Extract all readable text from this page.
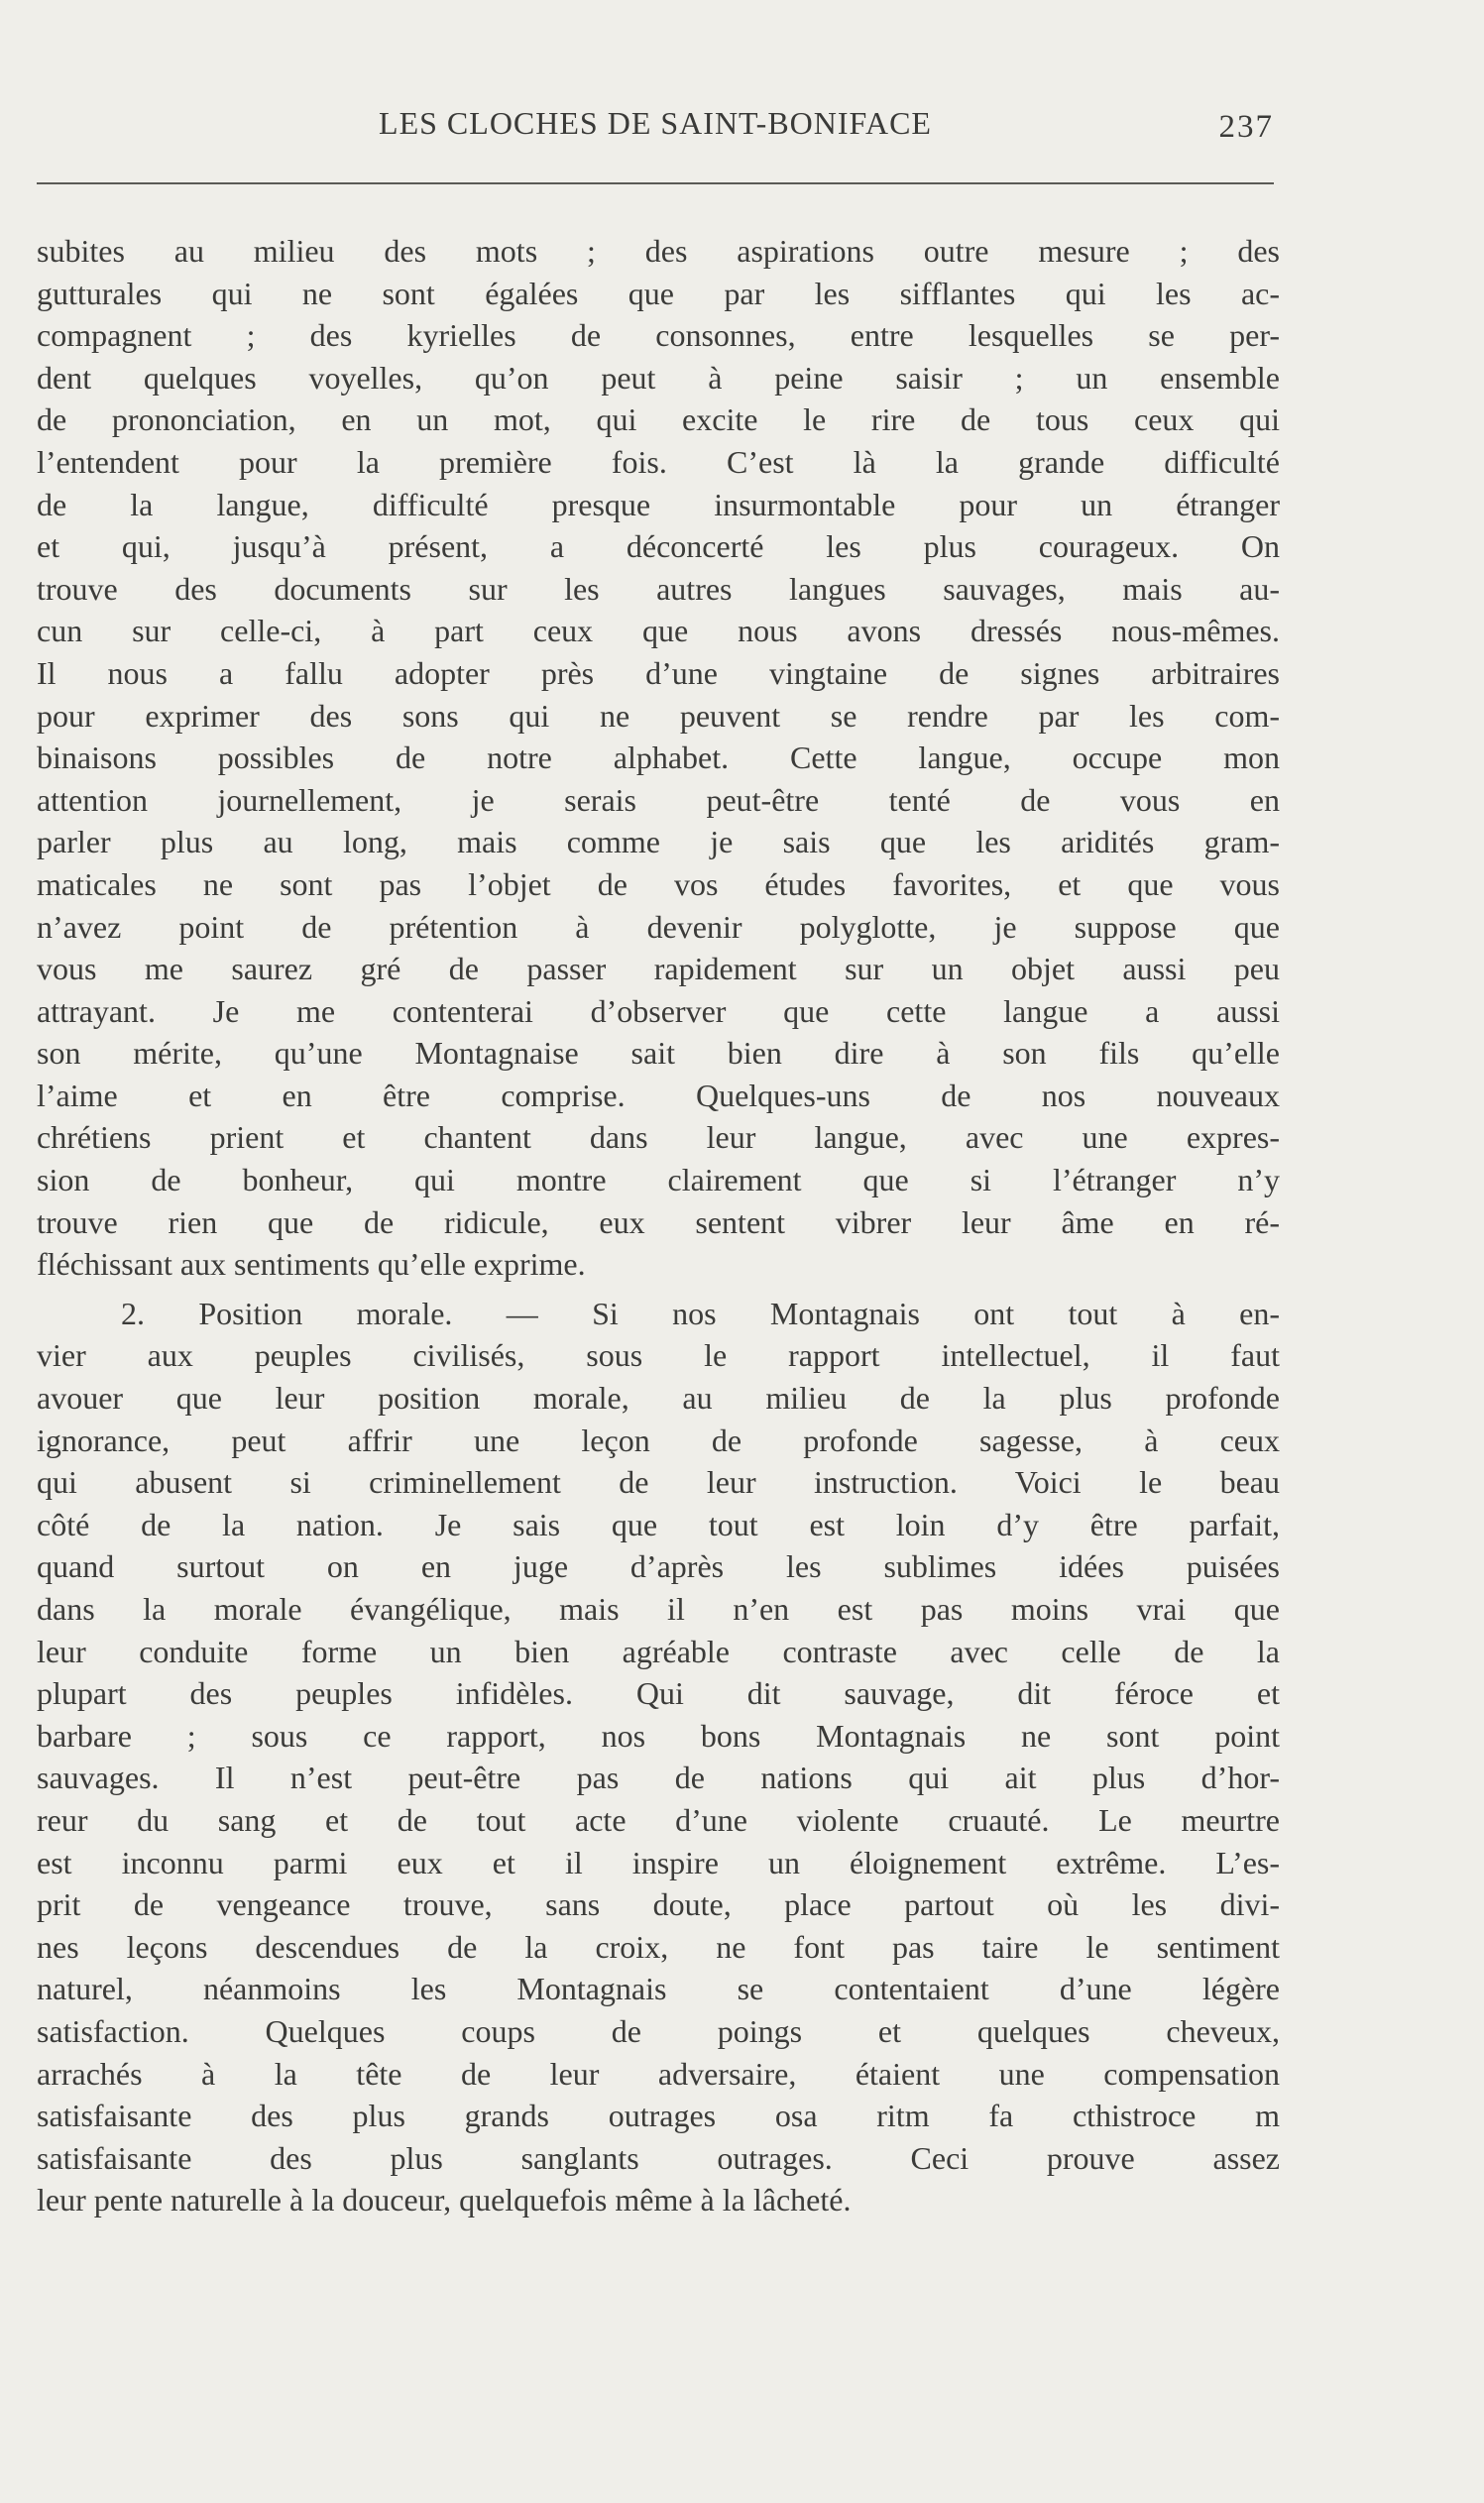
LES CLOCHES DE SAINT-BONIFACE	237
subites au milieu des mots ; des aspirations outre mesure ; des
gutturales qui ne sont égalées que par les sifflantes qui les ac-
compagnent ; des kyrielles de consonnes, entre lesquelles se per-
dent quelques voyelles, qu’on peut à peine saisir ; un ensemble
de prononciation, en un mot, qui excite le rire de tous ceux qui
l’entendent pour la première fois. C’est là la grande difficulté
de la langue, difficulté presque insurmontable pour un étranger
et qui, jusqu’à présent, a déconcerté les plus courageux. On
trouve des documents sur les autres langues sauvages, mais au-
cun sur celle-ci, à part ceux que nous avons dressés nous-mêmes.
Il nous a fallu adopter près d’une vingtaine de signes arbitraires
pour exprimer des sons qui ne peuvent se rendre par les com-
binaisons possibles de notre alphabet. Cette langue, occupe mon
attention journellement, je serais peut-être tenté de vous en
parler plus au long, mais comme je sais que les aridités gram-
maticales ne sont pas l’objet de vos études favorites, et que vous
n’avez point de prétention à devenir polyglotte, je suppose que
vous me saurez gré de passer rapidement sur un objet aussi peu
attrayant. Je me contenterai d’observer que cette langue a aussi
son mérite, qu’une Montagnaise sait bien dire à son fils qu’elle
l’aime et en être comprise. Quelques-uns de nos nouveaux
chrétiens prient et chantent dans leur langue, avec une expres-
sion de bonheur, qui montre clairement que si l’étranger n’y
trouve rien que de ridicule, eux sentent vibrer leur âme en ré-
fléchissant aux sentiments qu’elle exprime.
2. Position morale. — Si nos Montagnais ont tout à en-
vier aux peuples civilisés, sous le rapport intellectuel, il faut
avouer que leur position morale, au milieu de la plus profonde
ignorance, peut affrir une leçon de profonde sagesse, à ceux
qui abusent si criminellement de leur instruction. Voici le beau
côté de la nation. Je sais que tout est loin d’y être parfait,
quand surtout on en juge d’après les sublimes idées puisées
dans la morale évangélique, mais il n’en est pas moins vrai que
leur conduite forme un bien agréable contraste avec celle de la
plupart des peuples infidèles. Qui dit sauvage, dit féroce et
barbare ; sous ce rapport, nos bons Montagnais ne sont point
sauvages. Il n’est peut-être pas de nations qui ait plus d’hor-
reur du sang et de tout acte d’une violente cruauté. Le meurtre
est inconnu parmi eux et il inspire un éloignement extrême. L’es-
prit de vengeance trouve, sans doute, place partout où les divi-
nes leçons descendues de la croix, ne font pas taire le sentiment
naturel, néanmoins les Montagnais se contentaient d’une légère
satisfaction. Quelques coups de poings et quelques cheveux,
arrachés à la tête de leur adversaire, étaient une compensation
satisfaisante des plus grands outrages osa ritm fa cthistroce m
satisfaisante des plus sanglants outrages. Ceci prouve assez
leur pente naturelle à la douceur, quelquefois même à la lâcheté.
